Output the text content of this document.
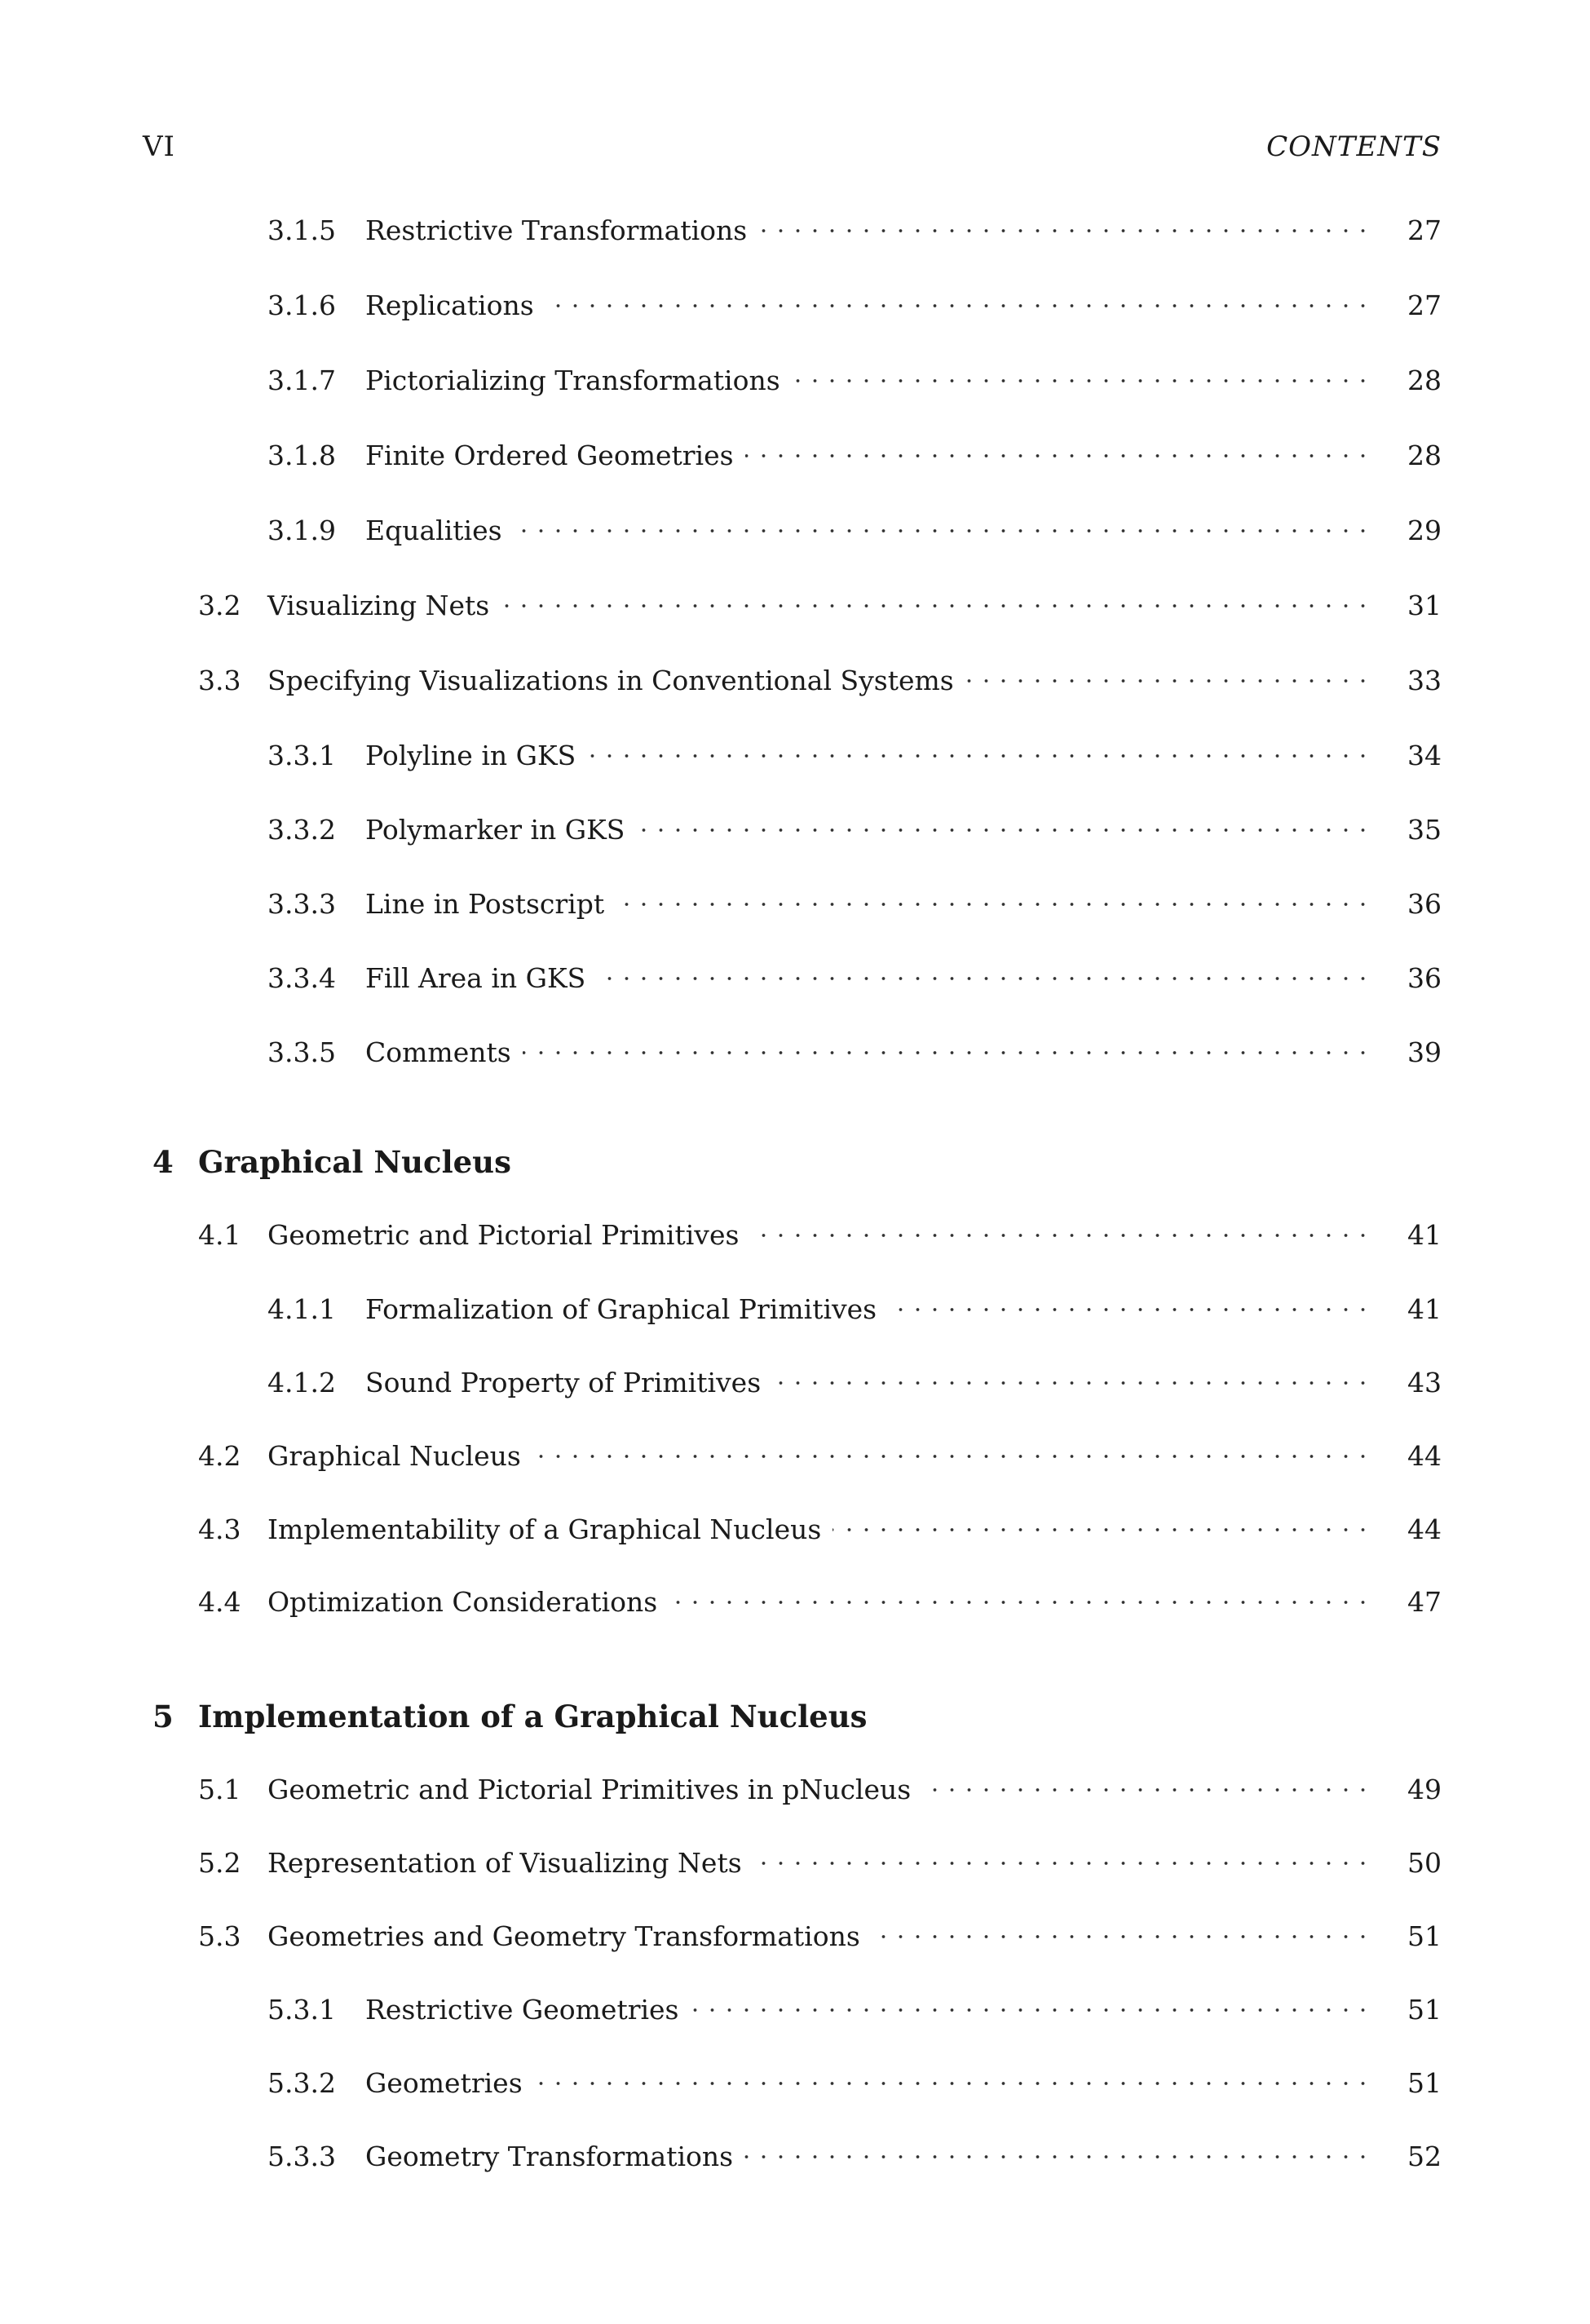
VI	CONTENTS
3.1.5 Restrictive Transformations	27
3.1.6 Replications	27
3.1.7 Pictorializing Transformations	28
3.1.8 Finite Ordered Geometries	28
3.1.9 Equalities	29
3.2 Visualizing Nets	31
3.3 Specifying Visualizations in Conventional Systems	33
3.3.1 Polyline in GKS	34
3.3.2 Polymarker in GKS	35
3.3.3 Line in Postscript	36
3.3.4 Fill Area in GKS	36
3.3.5 Comments	39
4 Graphical Nucleus
4.1 Geometric and Pictorial Primitives	41
4.1.1 Formalization of Graphical Primitives	41
4.1.2 Sound Property of Primitives	43
4.2 Graphical Nucleus	44
4.3 Implementability of a Graphical Nucleus	44
4.4 Optimization Considerations	47
5 Implementation of a Graphical Nucleus
5.1 Geometric and Pictorial Primitives in pNucleus	49
5.2 Representation of Visualizing Nets	50
5.3 Geometries and Geometry Transformations	51
5.3.1 Restrictive Geometries	51
5.3.2 Geometries	51
5.3.3 Geometry Transformations	52
